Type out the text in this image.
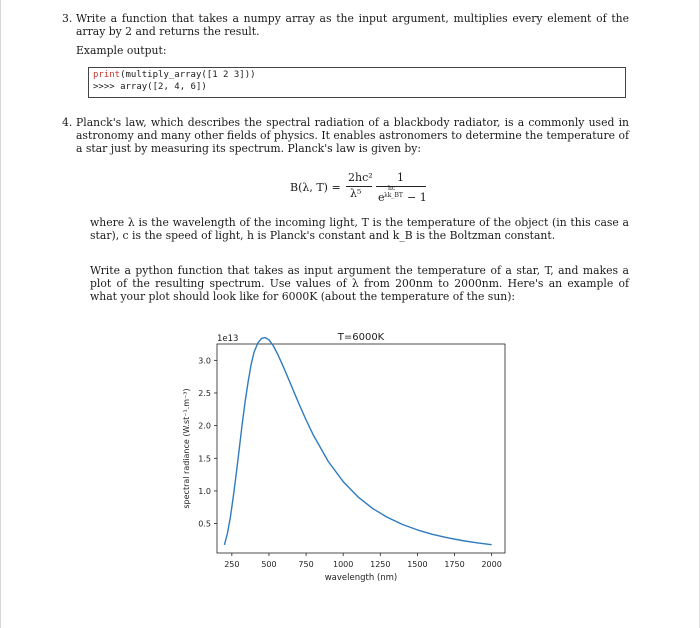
3. Write a function that takes a numpy array as the input argument, multiplies every element of the array by 2 and returns the result.

Example output:

print(multiply_array([1 2 3]))
>>>> array([2, 4, 6])
4. Planck's law, which describes the spectral radiation of a blackbody radiator, is a commonly used in astronomy and many other fields of physics. It enables astronomers to determine the temperature of a star just by measuring its spectrum. Planck's law is given by:

B(λ, T) =
2hc²
λ⁵
1
e
hc
λk_BT − 1

where λ is the wavelength of the incoming light, T is the temperature of the object (in this case a star), c is the speed of light, h is Planck's constant and k_B is the Boltzman constant.

Write a python function that takes as input argument the temperature of a star, T, and makes a plot of the resulting spectrum. Use values of λ from 200nm to 2000nm. Here's an example of what your plot should look like for 6000K (about the temperature of the sun):

250	500	750 1000 1250 1500 1750 2000
0.5
1.0
1.5
2.0
2.5
3.0
wavelength (nm)
spectral radiance (W.st⁻¹.m⁻³)
1e13	T=6000K
